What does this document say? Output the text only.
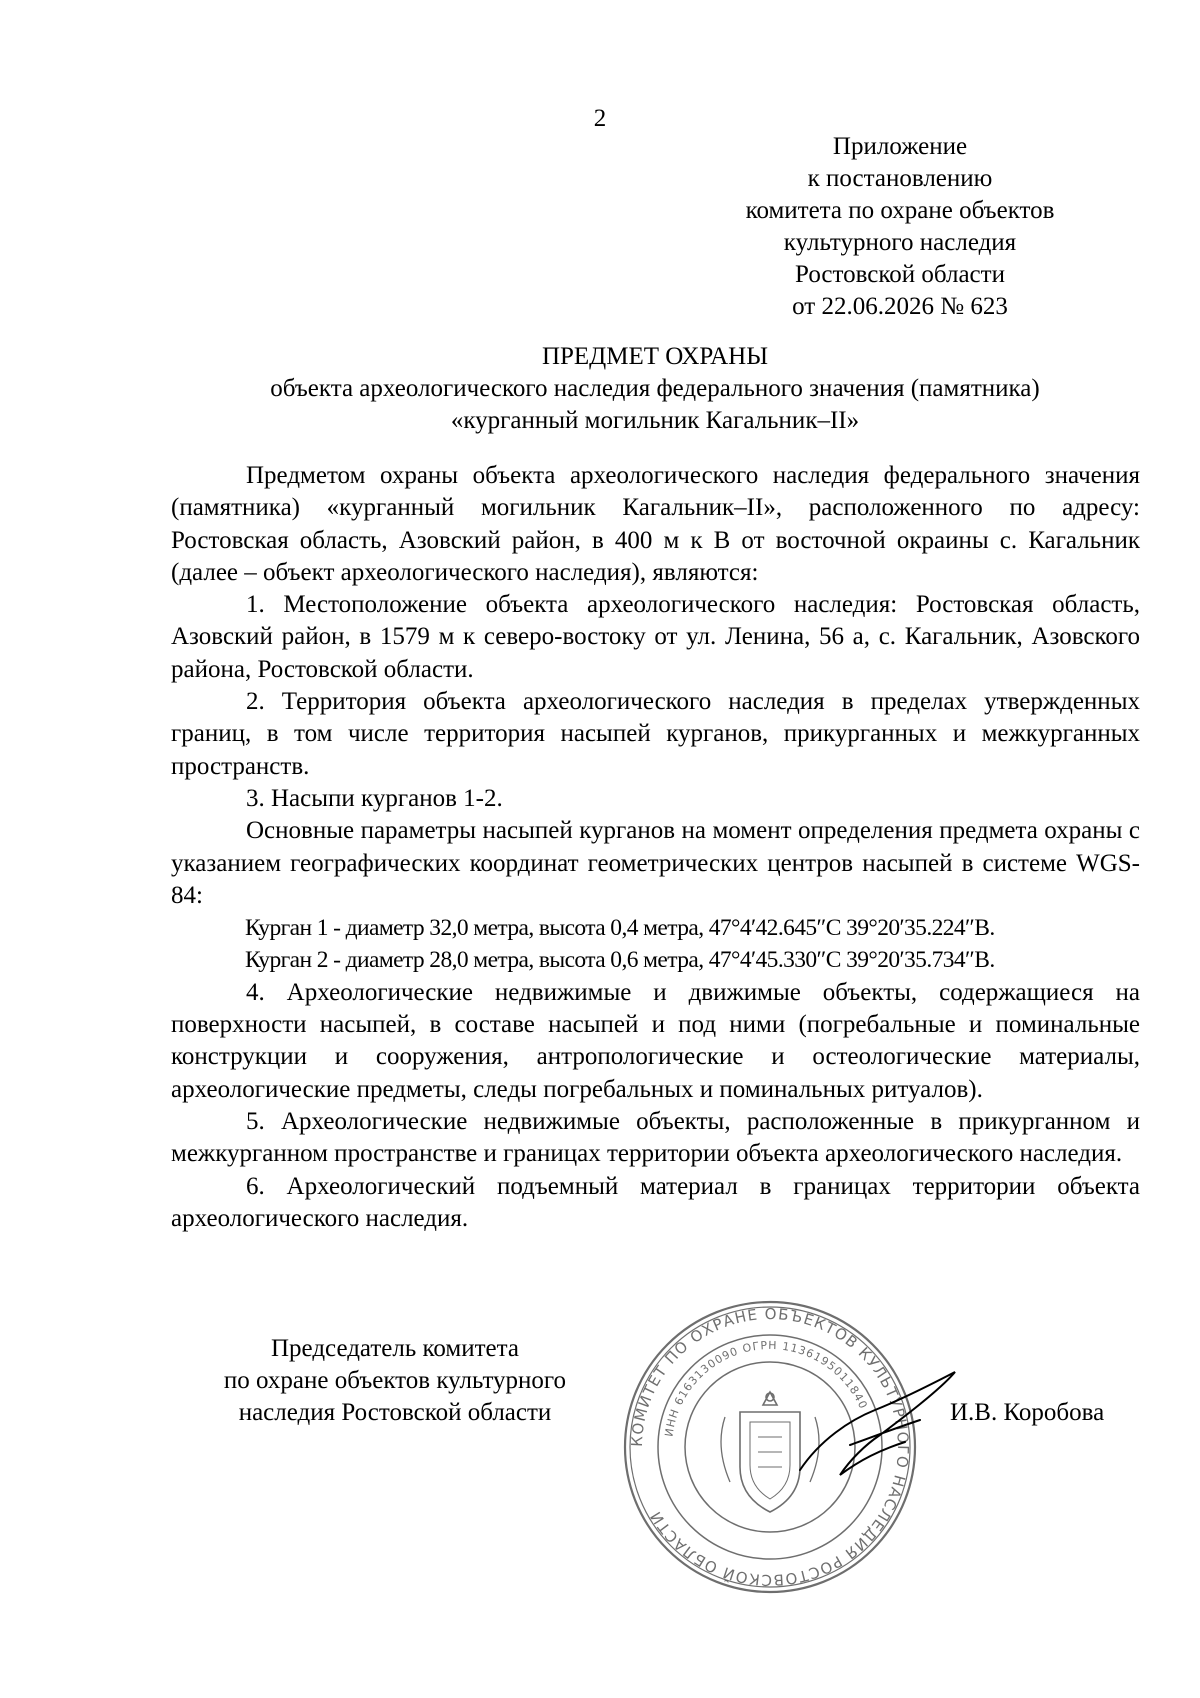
2
Приложение
к постановлению
комитета по охране объектов
культурного наследия
Ростовской области
от 22.06.2026 № 623
ПРЕДМЕТ ОХРАНЫ
объекта археологического наследия федерального значения (памятника)
«курганный могильник Кагальник–II»

Предметом охраны объекта археологического наследия федерального значения (памятника) «курганный могильник Кагальник–II», расположенного по адресу: Ростовская область, Азовский район, в 400 м к В от восточной окраины с. Кагальник (далее – объект археологического наследия), являются:

1. Местоположение объекта археологического наследия: Ростовская область, Азовский район, в 1579 м к северо-востоку от ул. Ленина, 56 а, с. Кагальник, Азовского района, Ростовской области.

2. Территория объекта археологического наследия в пределах утвержденных границ, в том числе территория насыпей курганов, прикурганных и межкурганных пространств.

3. Насыпи курганов 1-2.

Основные параметры насыпей курганов на момент определения предмета охраны с указанием географических координат геометрических центров насыпей в системе WGS-84:

Курган 1 - диаметр 32,0 метра, высота 0,4 метра, 47°4′42.645″С 39°20′35.224″В.

Курган 2 - диаметр 28,0 метра, высота 0,6 метра, 47°4′45.330″С 39°20′35.734″В.

4. Археологические недвижимые и движимые объекты, содержащиеся на поверхности насыпей, в составе насыпей и под ними (погребальные и поминальные конструкции и сооружения, антропологические и остеологические материалы, археологические предметы, следы погребальных и поминальных ритуалов).

5. Археологические недвижимые объекты, расположенные в прикурганном и межкурганном пространстве и границах территории объекта археологического наследия.

6. Археологический подъемный материал в границах территории объекта археологического наследия.

Председатель комитета
по охране объектов культурного
наследия Ростовской области
КОМИТЕТ ПО ОХРАНЕ ОБЪЕКТОВ КУЛЬТУРНОГО НАСЛЕДИЯ РОСТОВСКОЙ ОБЛАСТИ
ИНН 6163130090 ОГРН 1136195011840	И.В. Коробова
